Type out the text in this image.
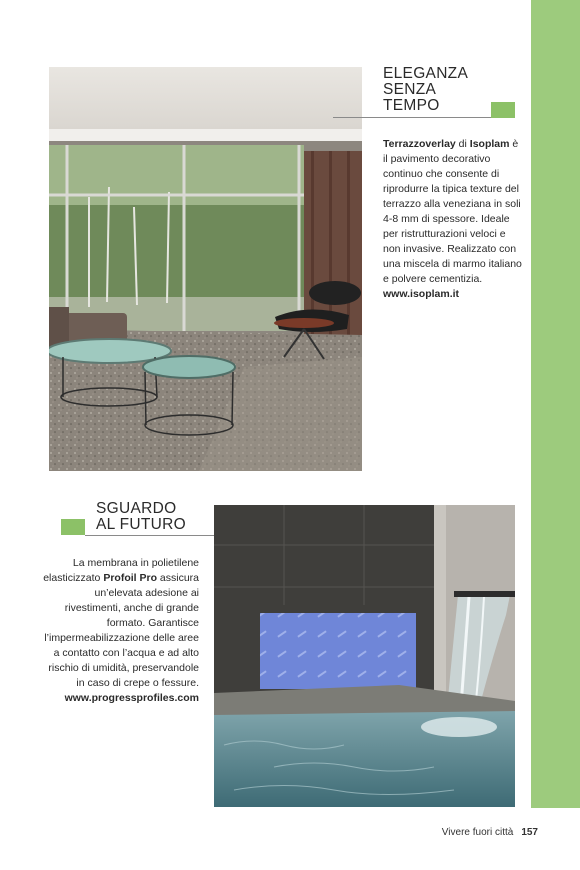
ELEGANZA
SENZA
TEMPO
Terrazzoverlay di Isoplam è il pavimento decorativo continuo che consente di riprodurre la tipica texture del terrazzo alla veneziana in soli 4-8 mm di spessore. Ideale per ristrutturazioni veloci e non invasive. Realizzato con una miscela di marmo italiano e polvere cementizia.
www.isoplam.it
SGUARDO
AL FUTURO
La membrana in polietilene elasticizzato Profoil Pro assicura un’elevata adesione ai rivestimenti, anche di grande formato. Garantisce l’impermeabilizzazione delle aree a contatto con l’acqua e ad alto rischio di umidità, preservandole in caso di crepe o fessure.
www.progressprofiles.com
Vivere fuori città 157
